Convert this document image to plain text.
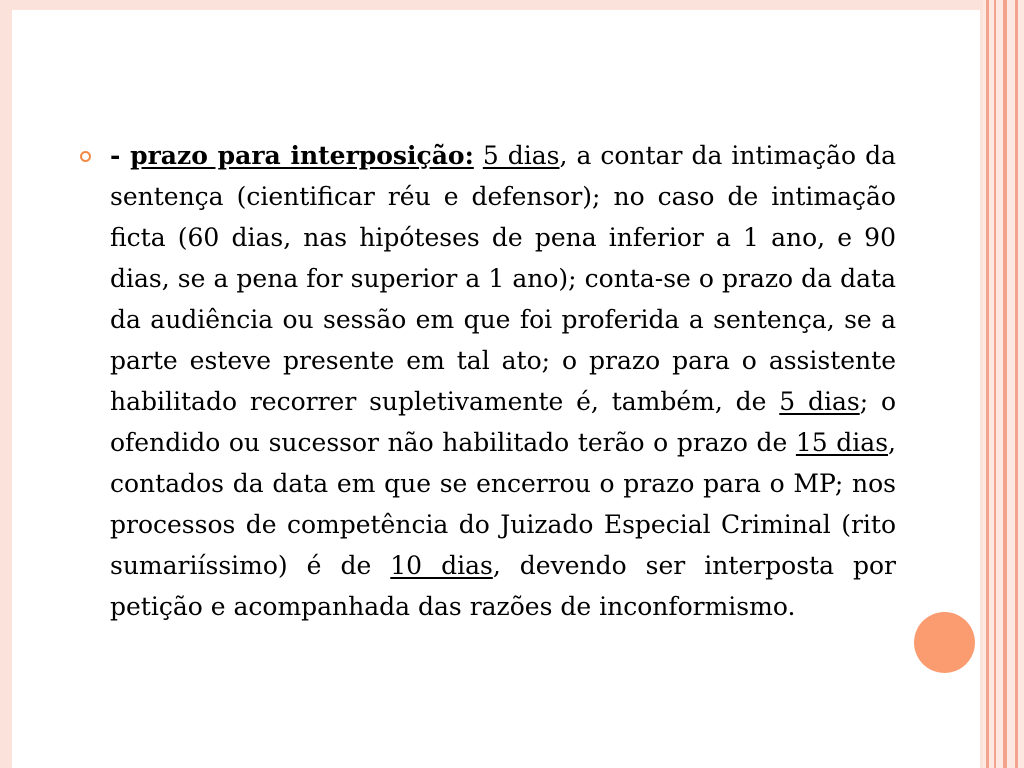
- prazo para interposição: 5 dias, a contar da intimação da sentença (cientificar réu e defensor); no caso de intimação ficta (60 dias, nas hipóteses de pena inferior a 1 ano, e 90 dias, se a pena for superior a 1 ano); conta-se o prazo da data da audiência ou sessão em que foi proferida a sentença, se a parte esteve presente em tal ato; o prazo para o assistente habilitado recorrer supletivamente é, também, de 5 dias; o ofendido ou sucessor não habilitado terão o prazo de 15 dias, contados da data em que se encerrou o prazo para o MP; nos processos de competência do Juizado Especial Criminal (rito sumariíssimo) é de 10 dias, devendo ser interposta por petição e acompanhada das razões de inconformismo.
